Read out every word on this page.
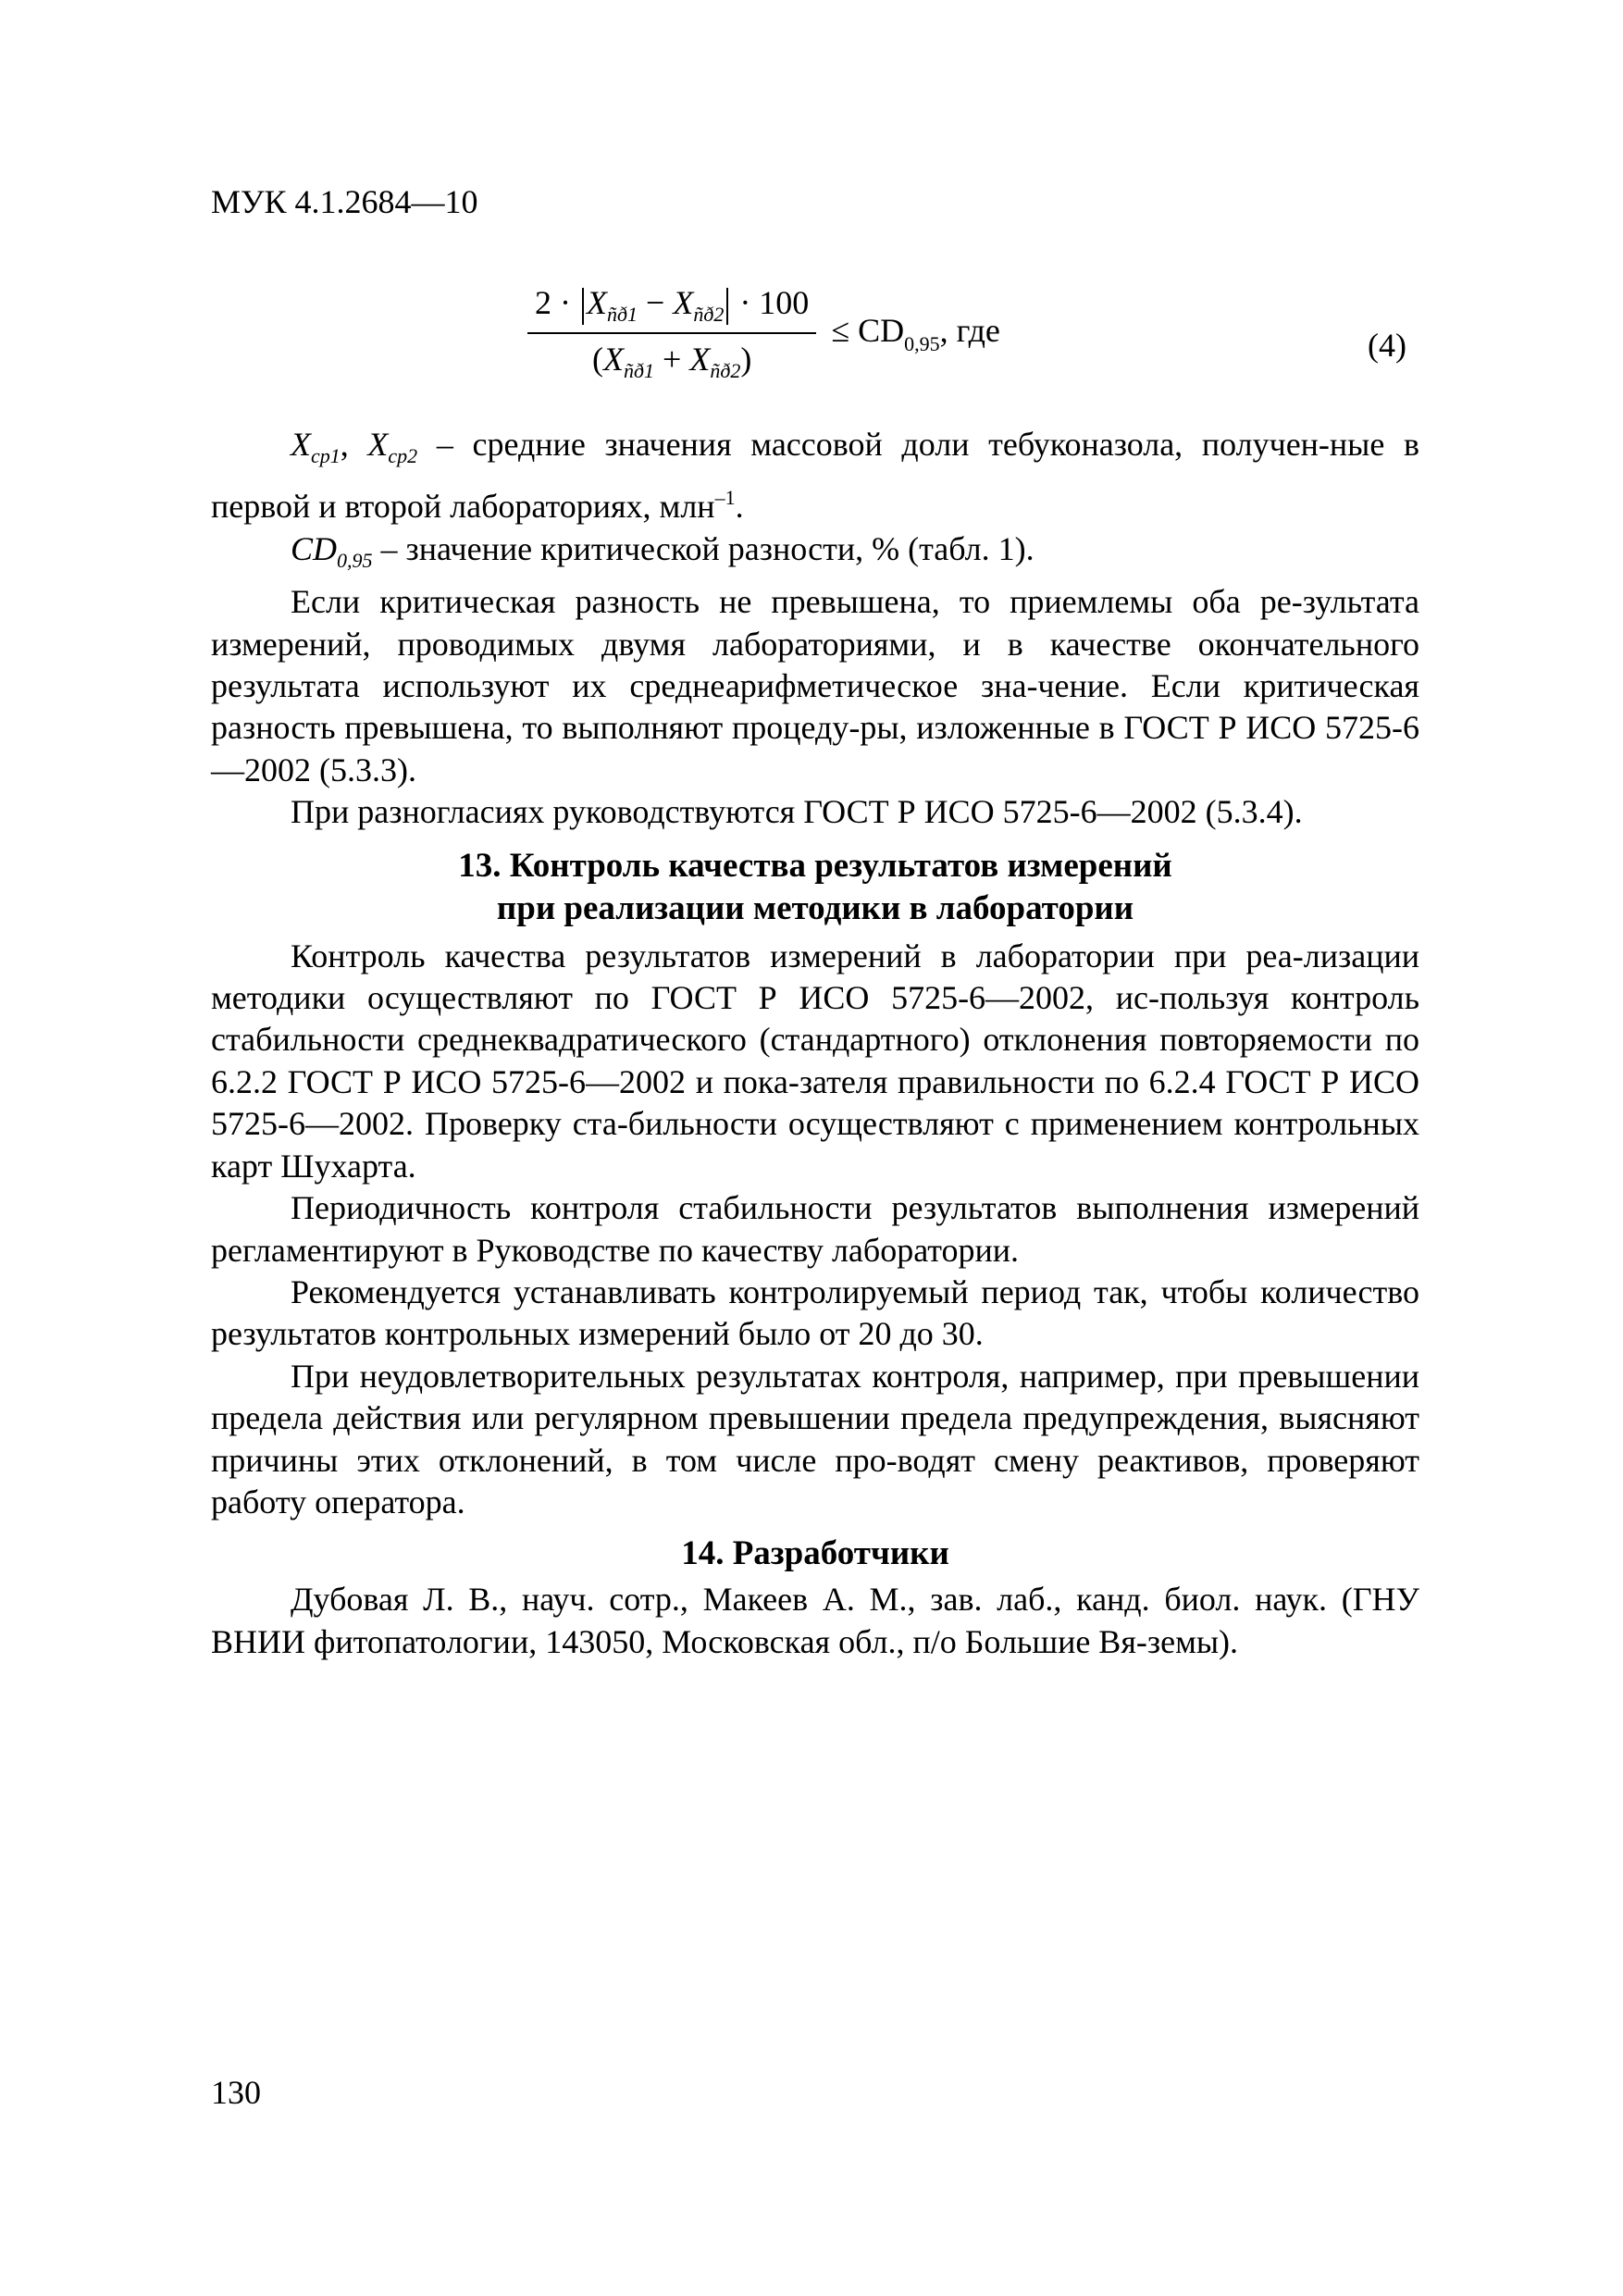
МУК 4.1.2684—10
$\frac{2 \cdot X_{ñð1} - X_{ñð2} \cdot 100}{(X_{ñð1} + X_{ñð2})} \le CD_{0,95}$, где	(4)

$X_{cp1}$, $X_{cp2}$ – средние значения массовой доли тебуконазола, получен-ные в первой и второй лабораториях, млн$^{-1}$.

$CD_{0,95}$ – значение критической разности, % (табл. 1).

Если критическая разность не превышена, то приемлемы оба ре-зультата измерений, проводимых двумя лабораториями, и в качестве окончательного результата используют их среднеарифметическое зна-чение. Если критическая разность превышена, то выполняют процеду-ры, изложенные в ГОСТ Р ИСО 5725-6—2002 (5.3.3).

При разногласиях руководствуются ГОСТ Р ИСО 5725-6—2002 (5.3.4).

13. Контроль качества результатов измерений
при реализации методики в лаборатории

Контроль качества результатов измерений в лаборатории при реа-лизации методики осуществляют по ГОСТ Р ИСО 5725-6—2002, ис-пользуя контроль стабильности среднеквадратического (стандартного) отклонения повторяемости по 6.2.2 ГОСТ Р ИСО 5725-6—2002 и пока-зателя правильности по 6.2.4 ГОСТ Р ИСО 5725-6—2002. Проверку ста-бильности осуществляют с применением контрольных карт Шухарта.

Периодичность контроля стабильности результатов выполнения измерений регламентируют в Руководстве по качеству лаборатории.

Рекомендуется устанавливать контролируемый период так, чтобы количество результатов контрольных измерений было от 20 до 30.

При неудовлетворительных результатах контроля, например, при превышении предела действия или регулярном превышении предела предупреждения, выясняют причины этих отклонений, в том числе про-водят смену реактивов, проверяют работу оператора.

14. Разработчики

Дубовая Л. В., науч. сотр., Макеев А. М., зав. лаб., канд. биол. наук. (ГНУ ВНИИ фитопатологии, 143050, Московская обл., п/о Большие Вя-земы).

130
